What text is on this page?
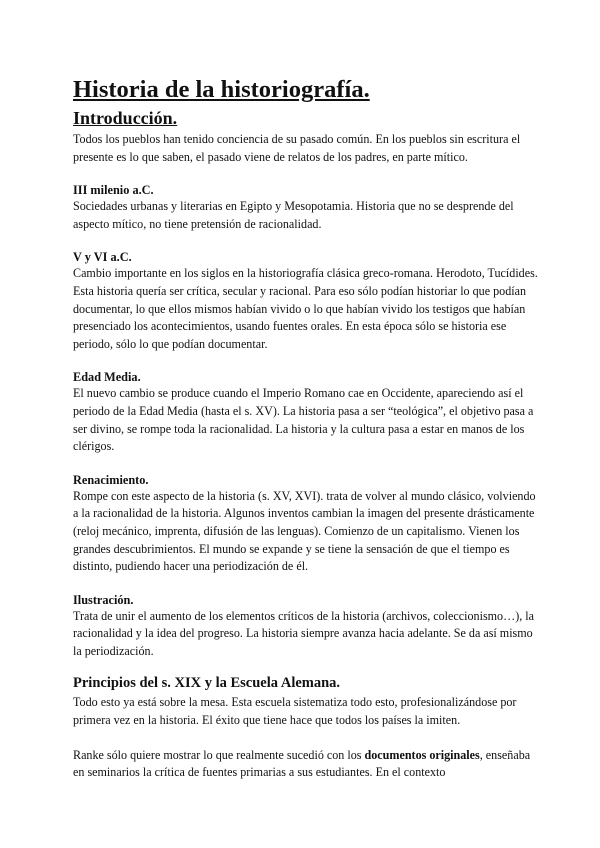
Historia de la historiografía.
Introducción.

Todos los pueblos han tenido conciencia de su pasado común. En los pueblos sin escritura el presente es lo que saben, el pasado viene de relatos de los padres, en parte mítico.

III milenio a.C.

Sociedades urbanas y literarias en Egipto y Mesopotamia. Historia que no se desprende del aspecto mítico, no tiene pretensión de racionalidad.

V y VI a.C.

Cambio importante en los siglos en la historiografía clásica greco-romana. Herodoto, Tucídides. Esta historia quería ser crítica, secular y racional. Para eso sólo podían historiar lo que podían documentar, lo que ellos mismos habían vivido o lo que habían vivido los testigos que habían presenciado los acontecimientos, usando fuentes orales. En esta época sólo se historia ese periodo, sólo lo que podían documentar.

Edad Media.

El nuevo cambio se produce cuando el Imperio Romano cae en Occidente, apareciendo así el periodo de la Edad Media (hasta el s. XV). La historia pasa a ser “teológica”, el objetivo pasa a ser divino, se rompe toda la racionalidad. La historia y la cultura pasa a estar en manos de los clérigos.

Renacimiento.

Rompe con este aspecto de la historia (s. XV, XVI). trata de volver al mundo clásico, volviendo a la racionalidad de la historia. Algunos inventos cambian la imagen del presente drásticamente (reloj mecánico, imprenta, difusión de las lenguas). Comienzo de un capitalismo. Vienen los grandes descubrimientos. El mundo se expande y se tiene la sensación de que el tiempo es distinto, pudiendo hacer una periodización de él.

Ilustración.

Trata de unir el aumento de los elementos críticos de la historia (archivos, coleccionismo…), la racionalidad y la idea del progreso. La historia siempre avanza hacia adelante. Se da así mismo la periodización.

Principios del s. XIX y la Escuela Alemana.

Todo esto ya está sobre la mesa. Esta escuela sistematiza todo esto, profesionalizándose por primera vez en la historia. El éxito que tiene hace que todos los países la imiten.

Ranke sólo quiere mostrar lo que realmente sucedió con los documentos originales, enseñaba en seminarios la crítica de fuentes primarias a sus estudiantes. En el contexto
